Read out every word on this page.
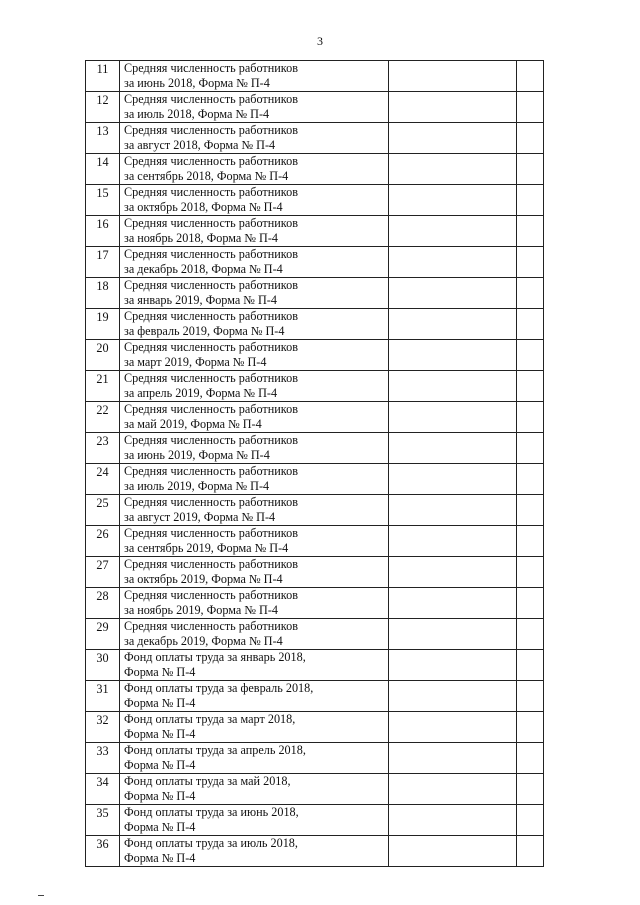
3
11	Средняя численность работников
за июнь 2018, Форма № П-4		

12	Средняя численность работников
за июль 2018, Форма № П-4		

13	Средняя численность работников
за август 2018, Форма № П-4		

14	Средняя численность работников
за сентябрь 2018, Форма № П-4		

15	Средняя численность работников
за октябрь 2018, Форма № П-4		

16	Средняя численность работников
за ноябрь 2018, Форма № П-4		

17	Средняя численность работников
за декабрь 2018, Форма № П-4		

18	Средняя численность работников
за январь 2019, Форма № П-4		

19	Средняя численность работников
за февраль 2019, Форма № П-4		

20	Средняя численность работников
за март 2019, Форма № П-4		

21	Средняя численность работников
за апрель 2019, Форма № П-4		

22	Средняя численность работников
за май 2019, Форма № П-4		

23	Средняя численность работников
за июнь 2019, Форма № П-4		

24	Средняя численность работников
за июль 2019, Форма № П-4		

25	Средняя численность работников
за август 2019, Форма № П-4		

26	Средняя численность работников
за сентябрь 2019, Форма № П-4		

27	Средняя численность работников
за октябрь 2019, Форма № П-4		

28	Средняя численность работников
за ноябрь 2019, Форма № П-4		

29	Средняя численность работников
за декабрь 2019, Форма № П-4		

30	Фонд оплаты труда за январь 2018,
Форма № П-4		

31	Фонд оплаты труда за февраль 2018,
Форма № П-4		

32	Фонд оплаты труда за март 2018,
Форма № П-4		

33	Фонд оплаты труда за апрель 2018,
Форма № П-4		

34	Фонд оплаты труда за май 2018,
Форма № П-4		

35	Фонд оплаты труда за июнь 2018,
Форма № П-4		

36	Фонд оплаты труда за июль 2018,
Форма № П-4		
